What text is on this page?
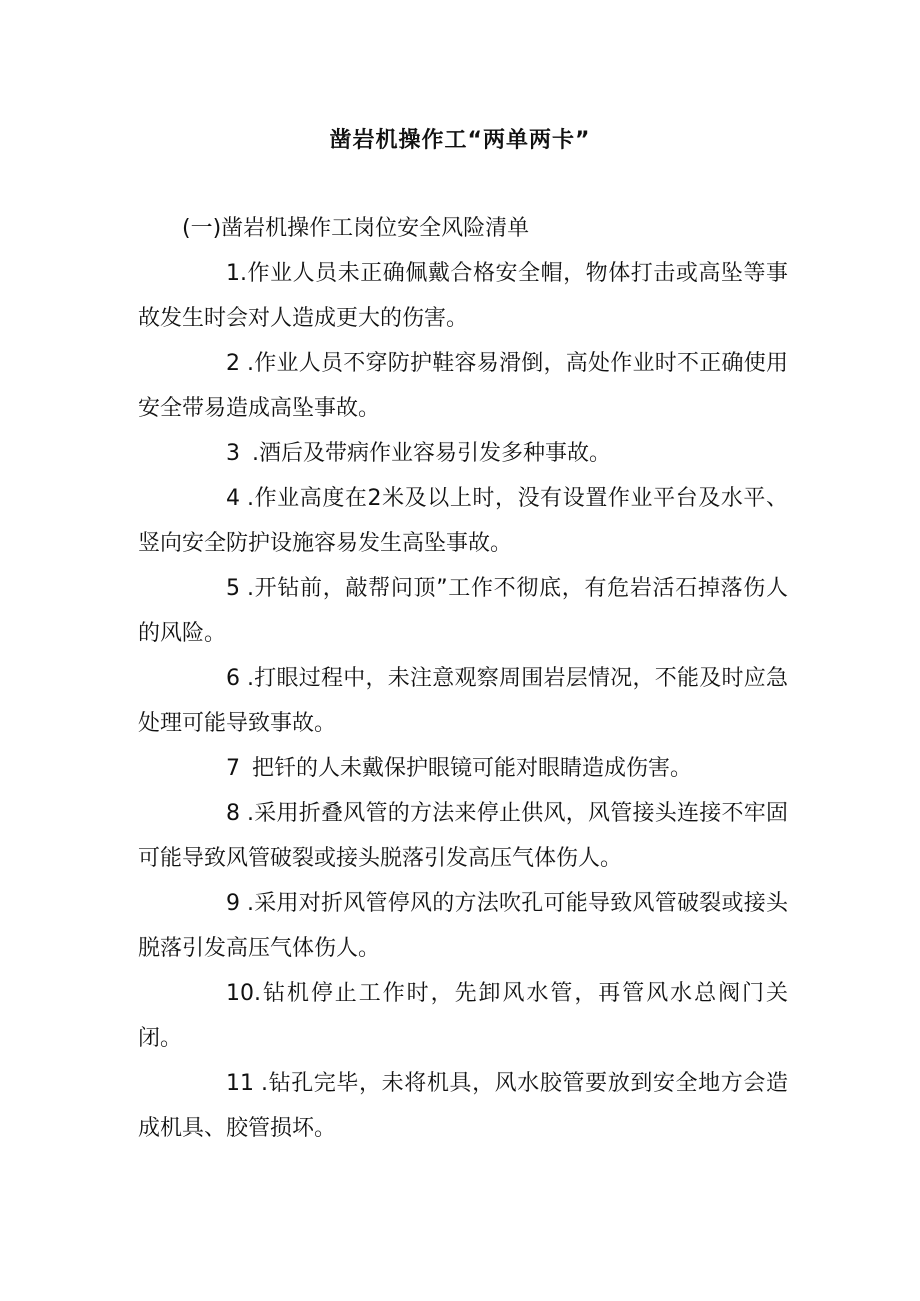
凿岩机操作工“两单两卡”

(一)凿岩机操作工岗位安全风险清单

1.作业人员未正确佩戴合格安全帽，物体打击或高坠等事故发生时会对人造成更大的伤害。

2 .作业人员不穿防护鞋容易滑倒，高处作业时不正确使用安全带易造成高坠事故。

3 .酒后及带病作业容易引发多种事故。

4 .作业高度在2米及以上时，没有设置作业平台及水平、竖向安全防护设施容易发生高坠事故。

5 .开钻前，敲帮问顶”工作不彻底，有危岩活石掉落伤人的风险。

6 .打眼过程中，未注意观察周围岩层情况，不能及时应急处理可能导致事故。

7 把钎的人未戴保护眼镜可能对眼睛造成伤害。

8 .采用折叠风管的方法来停止供风，风管接头连接不牢固可能导致风管破裂或接头脱落引发高压气体伤人。

9 .采用对折风管停风的方法吹孔可能导致风管破裂或接头脱落引发高压气体伤人。

10.钻机停止工作时，先卸风水管，再管风水总阀门关闭。

11 .钻孔完毕，未将机具，风水胶管要放到安全地方会造成机具、胶管损坏。
